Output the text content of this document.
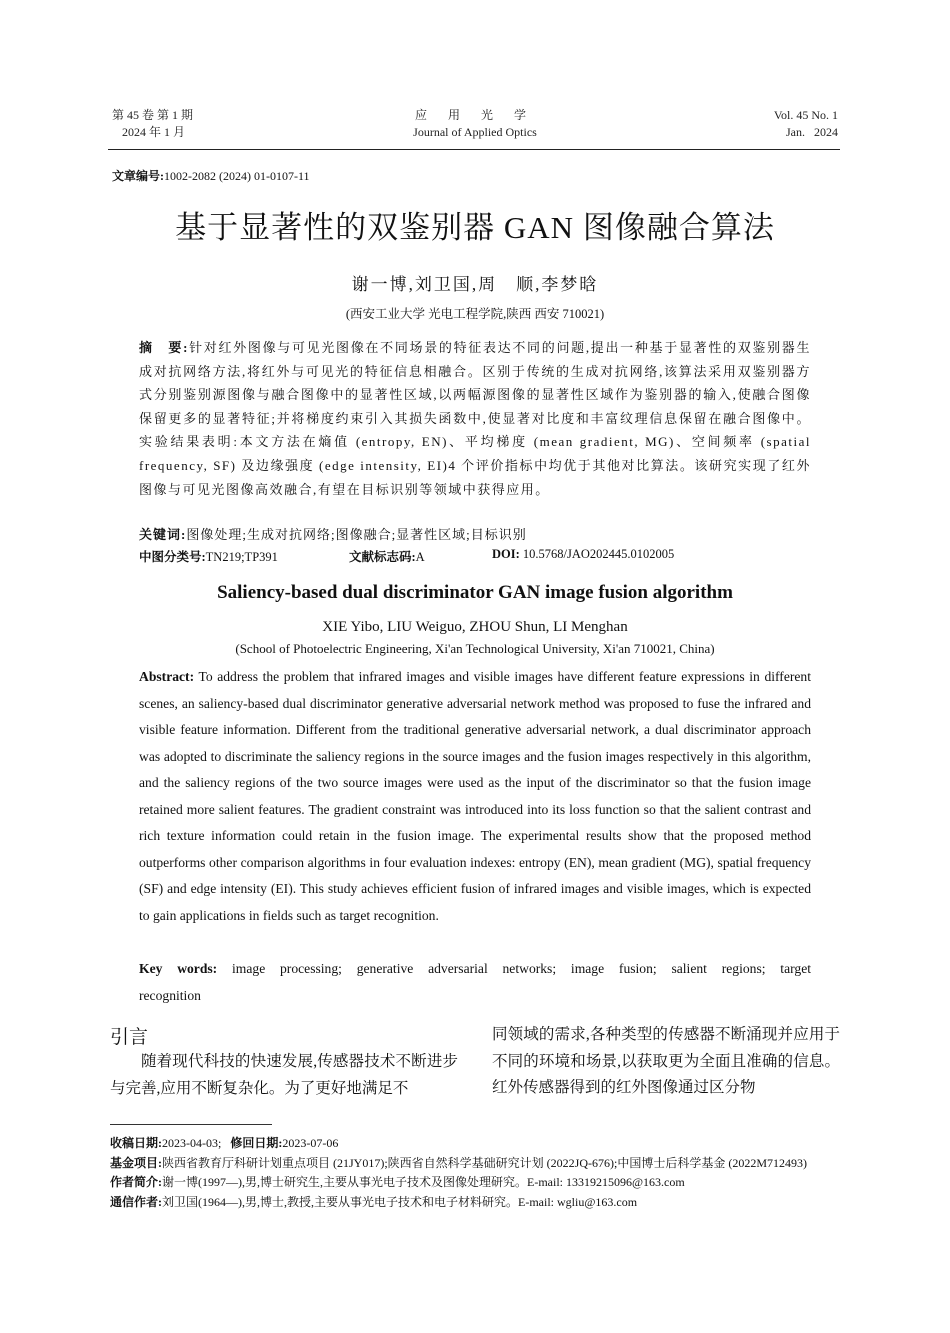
第 45 卷 第 1 期
2024 年 1 月
应 用 光 学
Journal of Applied Optics
Vol. 45 No. 1
Jan.   2024
文章编号:1002-2082 (2024) 01-0107-11
基于显著性的双鉴别器 GAN 图像融合算法
谢一博,刘卫国,周　顺,李梦晗
(西安工业大学 光电工程学院,陕西 西安 710021)
摘　要:针对红外图像与可见光图像在不同场景的特征表达不同的问题,提出一种基于显著性的双鉴别器生成对抗网络方法,将红外与可见光的特征信息相融合。区别于传统的生成对抗网络,该算法采用双鉴别器方式分别鉴别源图像与融合图像中的显著性区域,以两幅源图像的显著性区域作为鉴别器的输入,使融合图像保留更多的显著特征;并将梯度约束引入其损失函数中,使显著对比度和丰富纹理信息保留在融合图像中。实验结果表明:本文方法在熵值 (entropy, EN)、平均梯度 (mean gradient, MG)、空间频率 (spatial frequency, SF) 及边缘强度 (edge intensity, EI)4 个评价指标中均优于其他对比算法。该研究实现了红外图像与可见光图像高效融合,有望在目标识别等领域中获得应用。
关键词:图像处理;生成对抗网络;图像融合;显著性区域;目标识别
中图分类号:TN219;TP391	文献标志码:A	DOI: 10.5768/JAO202445.0102005
Saliency-based dual discriminator GAN image fusion algorithm
XIE Yibo, LIU Weiguo, ZHOU Shun, LI Menghan
(School of Photoelectric Engineering, Xi'an Technological University, Xi'an 710021, China)
Abstract: To address the problem that infrared images and visible images have different feature expressions in different scenes, an saliency-based dual discriminator generative adversarial network method was proposed to fuse the infrared and visible feature information. Different from the traditional generative adversarial network, a dual discriminator approach was adopted to discriminate the saliency regions in the source images and the fusion images respectively in this algorithm, and the saliency regions of the two source images were used as the input of the discriminator so that the fusion image retained more salient features. The gradient constraint was introduced into its loss function so that the salient contrast and rich texture information could retain in the fusion image. The experimental results show that the proposed method outperforms other comparison algorithms in four evaluation indexes: entropy (EN), mean gradient (MG), spatial frequency (SF) and edge intensity (EI). This study achieves efficient fusion of infrared images and visible images, which is expected to gain applications in fields such as target recognition.
Key words: image processing; generative adversarial networks; image fusion; salient regions; target recognition
引言
随着现代科技的快速发展,传感器技术不断进步与完善,应用不断复杂化。为了更好地满足不
同领域的需求,各种类型的传感器不断涌现并应用于不同的环境和场景,以获取更为全面且准确的信息。红外传感器得到的红外图像通过区分物

收稿日期:2023-04-03; 修回日期:2023-07-06

基金项目:陕西省教育厅科研计划重点项目 (21JY017);陕西省自然科学基础研究计划 (2022JQ-676);中国博士后科学基金 (2022M712493)

作者简介:谢一博(1997—),男,博士研究生,主要从事光电子技术及图像处理研究。E-mail: 13319215096@163.com

通信作者:刘卫国(1964—),男,博士,教授,主要从事光电子技术和电子材料研究。E-mail: wgliu@163.com
